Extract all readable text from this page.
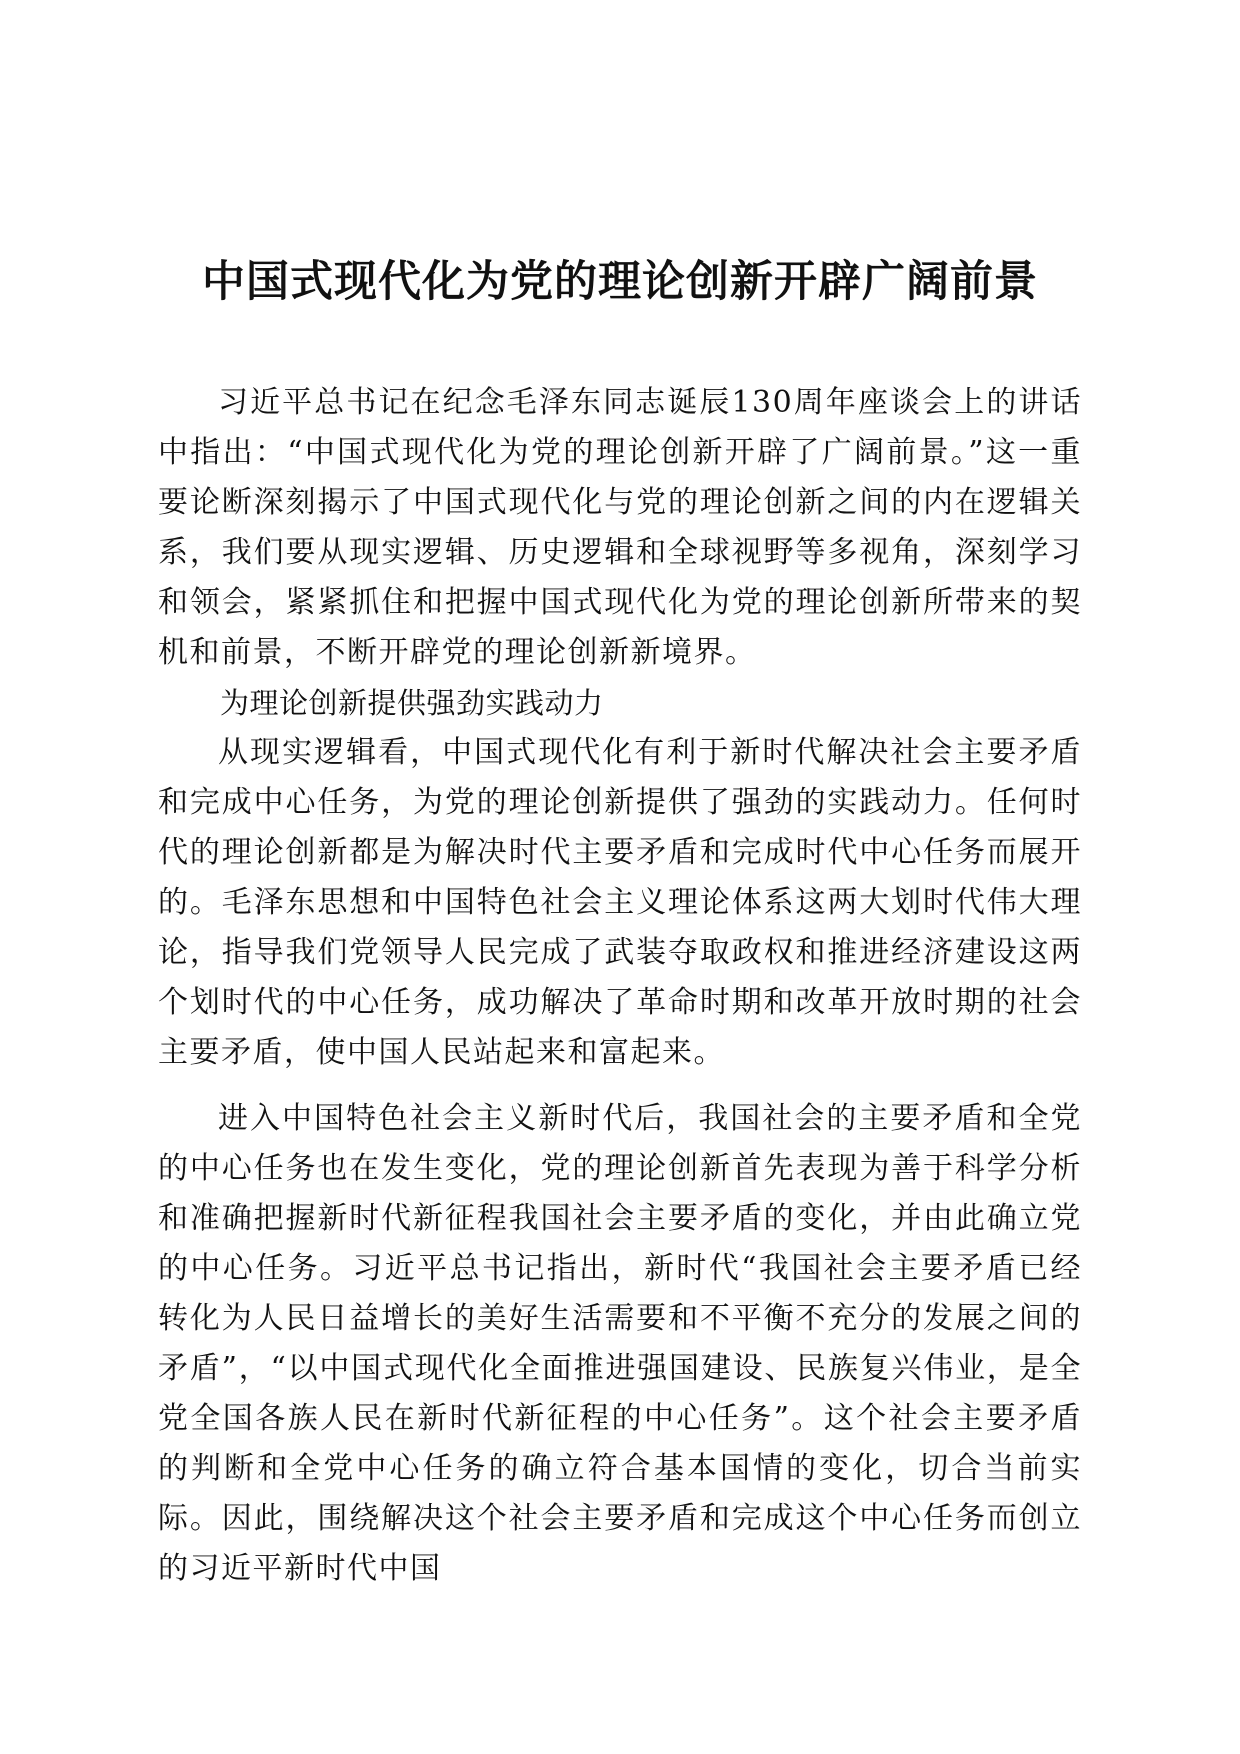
中国式现代化为党的理论创新开辟广阔前景

习近平总书记在纪念毛泽东同志诞辰130周年座谈会上的讲话中指出：“中国式现代化为党的理论创新开辟了广阔前景。”这一重要论断深刻揭示了中国式现代化与党的理论创新之间的内在逻辑关系，我们要从现实逻辑、历史逻辑和全球视野等多视角，深刻学习和领会，紧紧抓住和把握中国式现代化为党的理论创新所带来的契机和前景，不断开辟党的理论创新新境界。

为理论创新提供强劲实践动力

从现实逻辑看，中国式现代化有利于新时代解决社会主要矛盾和完成中心任务，为党的理论创新提供了强劲的实践动力。任何时代的理论创新都是为解决时代主要矛盾和完成时代中心任务而展开的。毛泽东思想和中国特色社会主义理论体系这两大划时代伟大理论，指导我们党领导人民完成了武装夺取政权和推进经济建设这两个划时代的中心任务，成功解决了革命时期和改革开放时期的社会主要矛盾，使中国人民站起来和富起来。

进入中国特色社会主义新时代后，我国社会的主要矛盾和全党的中心任务也在发生变化，党的理论创新首先表现为善于科学分析和准确把握新时代新征程我国社会主要矛盾的变化，并由此确立党的中心任务。习近平总书记指出，新时代“我国社会主要矛盾已经转化为人民日益增长的美好生活需要和不平衡不充分的发展之间的矛盾”，“以中国式现代化全面推进强国建设、民族复兴伟业，是全党全国各族人民在新时代新征程的中心任务”。这个社会主要矛盾的判断和全党中心任务的确立符合基本国情的变化，切合当前实际。因此，围绕解决这个社会主要矛盾和完成这个中心任务而创立的习近平新时代中国
